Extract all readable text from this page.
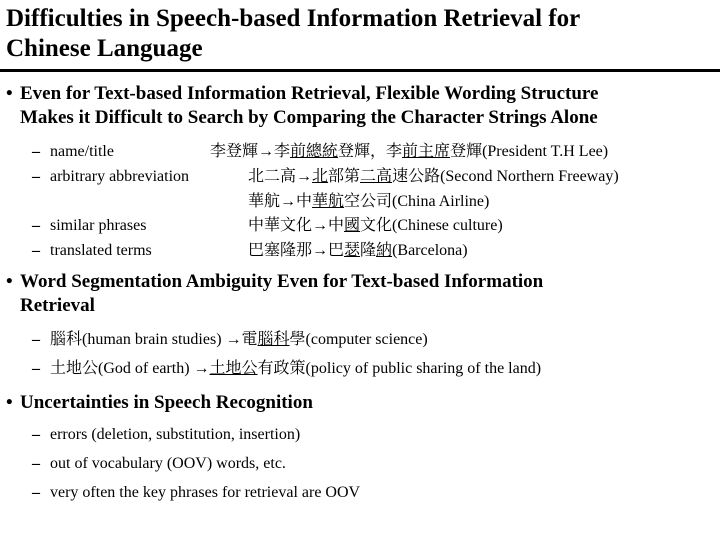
Difficulties in Speech-based Information Retrieval for
Chinese Language
• Even for Text-based Information Retrieval, Flexible Wording Structure
Makes it Difficult to Search by Comparing the Character Strings Alone
– name/title	李登輝→李前總統登輝，李前主席登輝(President T.H Lee)
– arbitrary abbreviation	北二高→北部第二高速公路(Second Northern Freeway)
華航→中華航空公司(China Airline)
– similar phrases	中華文化→中國文化(Chinese culture)
– translated terms	巴塞隆那→巴瑟隆納(Barcelona)
• Word Segmentation Ambiguity Even for Text-based Information
Retrieval
– 腦科(human brain studies) →電腦科學(computer science)
– 土地公(God of earth) →土地公有政策(policy of public sharing of the land)
• Uncertainties in Speech Recognition
– errors (deletion, substitution, insertion)
– out of vocabulary (OOV) words, etc.
– very often the key phrases for retrieval are OOV
